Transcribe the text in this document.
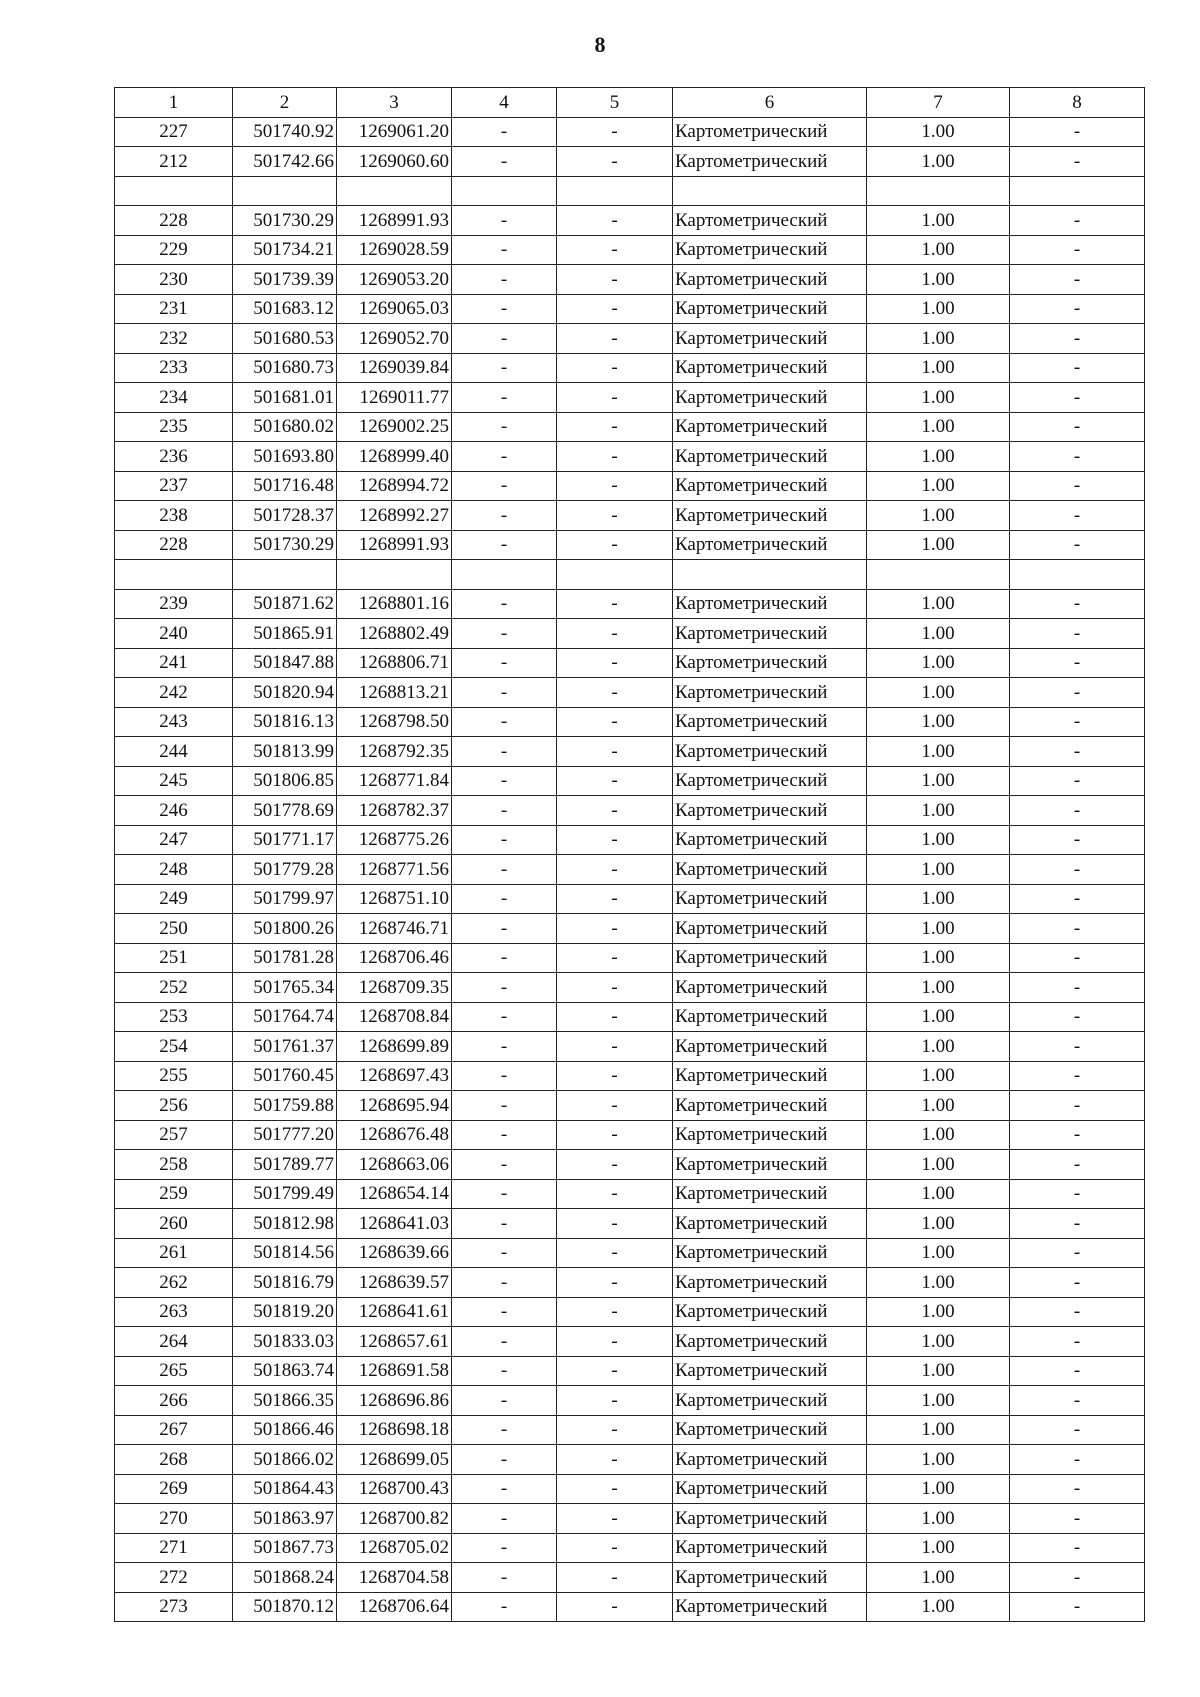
8
1	2	3	4	5	6	7	8
227	501740.92	1269061.20	-	-	Картометрический	1.00	-
212	501742.66	1269060.60	-	-	Картометрический	1.00	-

228	501730.29	1268991.93	-	-	Картометрический	1.00	-
229	501734.21	1269028.59	-	-	Картометрический	1.00	-
230	501739.39	1269053.20	-	-	Картометрический	1.00	-
231	501683.12	1269065.03	-	-	Картометрический	1.00	-
232	501680.53	1269052.70	-	-	Картометрический	1.00	-
233	501680.73	1269039.84	-	-	Картометрический	1.00	-
234	501681.01	1269011.77	-	-	Картометрический	1.00	-
235	501680.02	1269002.25	-	-	Картометрический	1.00	-
236	501693.80	1268999.40	-	-	Картометрический	1.00	-
237	501716.48	1268994.72	-	-	Картометрический	1.00	-
238	501728.37	1268992.27	-	-	Картометрический	1.00	-
228	501730.29	1268991.93	-	-	Картометрический	1.00	-

239	501871.62	1268801.16	-	-	Картометрический	1.00	-
240	501865.91	1268802.49	-	-	Картометрический	1.00	-
241	501847.88	1268806.71	-	-	Картометрический	1.00	-
242	501820.94	1268813.21	-	-	Картометрический	1.00	-
243	501816.13	1268798.50	-	-	Картометрический	1.00	-
244	501813.99	1268792.35	-	-	Картометрический	1.00	-
245	501806.85	1268771.84	-	-	Картометрический	1.00	-
246	501778.69	1268782.37	-	-	Картометрический	1.00	-
247	501771.17	1268775.26	-	-	Картометрический	1.00	-
248	501779.28	1268771.56	-	-	Картометрический	1.00	-
249	501799.97	1268751.10	-	-	Картометрический	1.00	-
250	501800.26	1268746.71	-	-	Картометрический	1.00	-
251	501781.28	1268706.46	-	-	Картометрический	1.00	-
252	501765.34	1268709.35	-	-	Картометрический	1.00	-
253	501764.74	1268708.84	-	-	Картометрический	1.00	-
254	501761.37	1268699.89	-	-	Картометрический	1.00	-
255	501760.45	1268697.43	-	-	Картометрический	1.00	-
256	501759.88	1268695.94	-	-	Картометрический	1.00	-
257	501777.20	1268676.48	-	-	Картометрический	1.00	-
258	501789.77	1268663.06	-	-	Картометрический	1.00	-
259	501799.49	1268654.14	-	-	Картометрический	1.00	-
260	501812.98	1268641.03	-	-	Картометрический	1.00	-
261	501814.56	1268639.66	-	-	Картометрический	1.00	-
262	501816.79	1268639.57	-	-	Картометрический	1.00	-
263	501819.20	1268641.61	-	-	Картометрический	1.00	-
264	501833.03	1268657.61	-	-	Картометрический	1.00	-
265	501863.74	1268691.58	-	-	Картометрический	1.00	-
266	501866.35	1268696.86	-	-	Картометрический	1.00	-
267	501866.46	1268698.18	-	-	Картометрический	1.00	-
268	501866.02	1268699.05	-	-	Картометрический	1.00	-
269	501864.43	1268700.43	-	-	Картометрический	1.00	-
270	501863.97	1268700.82	-	-	Картометрический	1.00	-
271	501867.73	1268705.02	-	-	Картометрический	1.00	-
272	501868.24	1268704.58	-	-	Картометрический	1.00	-
273	501870.12	1268706.64	-	-	Картометрический	1.00	-
